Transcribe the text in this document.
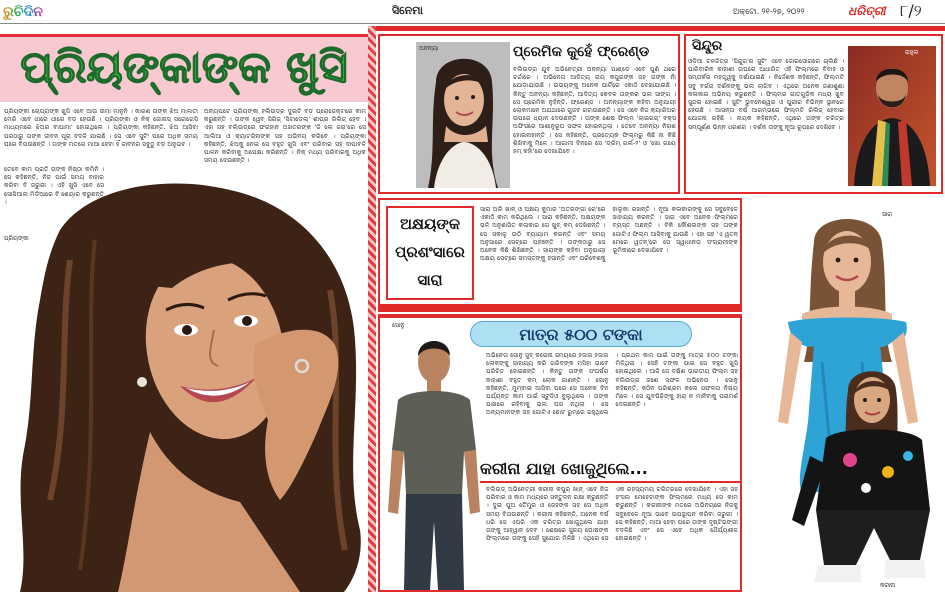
ରୁଚିଦିନ	ସିନେମା	ଅକ୍ଟୋ. ୨୧-୨୭, ୨୦୨୨	ଧରିତ୍ରୀ ୮/୨
ପ୍ରିୟଙ୍କାଙ୍କ ଖୁସି
ପ୍ରିୟଙ୍କା ଚୋପ୍ରାଙ୍କ ଖୁସି ଏବେ ଆଉ ସୀମା ମାନୁନି । କାରଣ ତାଙ୍କ ଝିଅ ମାଲତୀ ମେରି ଏବେ ଧୀରେ ଧୀରେ ବଡ଼ ହେଉଛି । ପ୍ରିୟଙ୍କା ଓ ନିକ୍ ଜୋନାସ୍ ସରୋଗେସି ମାଧ୍ୟମରେ ଝିଅର ବାପାମା' ହୋଇଥିଲେ । ପ୍ରିୟଙ୍କା କହିଛନ୍ତି, ଝିଅ ଆସିବା ପରଠାରୁ ତାଙ୍କ ଜୀବନ ପୂରା ବଦଳି ଯାଇଛି । ସେ ଏବେ ସୁଟିଂ ପରେ ଅଧିକ ସମୟ ଘରେ ବିତାଉଛନ୍ତି । ତାଙ୍କ ମତରେ ମାଆ ହେବା ହିଁ ଜୀବନର ସବୁଠୁ ବଡ଼ ଅନୁଭବ ।
ତେବେ କାମ ପ୍ରତି ତାଙ୍କ ନିଷ୍ଠା କମିନି । ସେ କହିଛନ୍ତି, ନିଜ ପାଇଁ ସମୟ ବାହାର କରିବା ବି ଜରୁରୀ । ଏହି ଖୁସି ଏବେ ସେ ସୋସିଆଲ ମିଡିଆରେ ବି ଶେୟାର କରୁଛନ୍ତି ।
ଅନ୍ୟପଟେ ପ୍ରିୟଙ୍କା ହଲିଉଡ୍‌ର ଦୁଇଟି ବଡ଼ ପ୍ରୋଜେକ୍ଟରେ କାମ କରୁଛନ୍ତି । ତାଙ୍କ ୱେବ୍ ସିରିଜ୍ 'ସିଟାଡେଲ୍' ଶୀଘ୍ର ରିଲିଜ୍ ହେବ । ଏହା ସହ ବଲିଉଡ୍‌ରେ ଫରହାନ ଅଖତରଙ୍କ 'ଜି ଲେ ଜରା'ରେ ସେ ଆଲିଆ ଓ କ୍ୟାଟରିନାଙ୍କ ସହ ଅଭିନୟ କରିବେ । ପ୍ରିୟଙ୍କା କହିଛନ୍ତି, ଝିଅକୁ ନେଇ ସେ ବହୁତ ଖୁସି ଏବଂ ପରିବାର ସହ ଦୀପାବଳି ପାଳନ କରିବାକୁ ଅପେକ୍ଷା କରିଛନ୍ତି । ନିକ୍ ମଧ୍ୟ ପରିବାରକୁ ଅଧିକ ସମୟ ଦେଉଛନ୍ତି ।
ପ୍ରିୟଙ୍କା
ଅନନ୍ୟା	ପ୍ରେମିକ କୁହେଁ ଫ୍ରେଣ୍ଡ
ବଲିଉଡ୍‌ର ଯୁବ ଅଭିନେତ୍ରୀ ଅନନ୍ୟା ପାଣ୍ଡେ ଏବେ ପୁଣି ଥରେ ଚର୍ଚ୍ଚାରେ । ଅଭିନେତା ଆଦିତ୍ୟ ରାୟ କପୁରଙ୍କ ସହ ତାଙ୍କ ନାଁ ଯୋଡ଼ାଯାଉଛି । ଉଭୟଙ୍କୁ ଅନେକ ପାର୍ଟିରେ ଏକାଠି ଦେଖାଯାଇଛି । କିନ୍ତୁ ଅନନ୍ୟା କହିଛନ୍ତି, ଆଦିତ୍ୟ କେବଳ ତାଙ୍କର ଭଲ ସାଙ୍ଗ । ସେ ପ୍ରେମିକ ନୁହଁନ୍ତି, ଫ୍ରେଣ୍ଡ । ଅନନ୍ୟାଙ୍କ କହିବା ଅନୁଯାୟୀ ଲୋକମାନେ ଅଯଥାରେ ଗୁଜବ ରଟାଉଛନ୍ତି । ସେ ଏବେ ନିଜ କ୍ୟାରିଅର ଉପରେ ଧ୍ୟାନ ଦେଉଛନ୍ତି । ତାଙ୍କ ଶେଷ ଫିଲ୍ମ 'ଲାଇଗର୍' ବକ୍ସ ଅଫିସରେ ଆଶାନୁରୂପ ସଫଳ ହୋଇନଥିଲା । ତେବେ ଅନନ୍ୟା ନିରାଶ ହୋଇନାହାନ୍ତି । ସେ କହିଛନ୍ତି, ପ୍ରତ୍ୟେକ ଫିଲ୍ମରୁ କିଛି ନା କିଛି ଶିଖିବାକୁ ମିଳେ । ଆଗାମୀ ଦିନରେ ସେ 'ଡ୍ରିମ୍ ଗର୍ଲ-୨' ଓ 'ଖୋ ଗୟେ ହମ୍ କହାଁ'ରେ ଦେଖାଯିବେ ।
ସିନ୍ଦୁର	ରାହୁଲ
ଓଡ଼ିଆ ଚଳଚ୍ଚିତ୍ର 'ସିନ୍ଦୁର'ର ସୁଟିଂ ଏବେ ଜୋରସୋରରେ ଚାଲିଛି । ପାରିବାରିକ କାହାଣୀ ଉପରେ ଆଧାରିତ ଏହି ଫିଲ୍ମରେ ବିବାହ ଓ ସମ୍ପର୍କର ମହତ୍ତ୍ୱକୁ ଦର୍ଶାଯାଇଛି । ନିର୍ଦ୍ଦେଶକ କହିଛନ୍ତି, ଫିଲ୍ମଟି ସବୁ ବର୍ଗର ଦର୍ଶକଙ୍କୁ ଭଲ ଲାଗିବ । ଏଥିରେ ଅନେକ ଜଣାଶୁଣା କଳାକାର ଅଭିନୟ କରୁଛନ୍ତି । ଫିଲ୍ମର ଗୀତଗୁଡ଼ିକ ମଧ୍ୟ ଖୁବ୍ ସୁନ୍ଦର ହୋଇଛି । ସୁଟିଂ ଭୁବନେଶ୍ୱର ଓ ପୁରୀର ବିଭିନ୍ନ ସ୍ଥାନରେ ହେଉଛି । ଆସନ୍ତା ବର୍ଷ ଆରମ୍ଭରେ ଫିଲ୍ମଟି ରିଲିଜ୍ ହେବାର ଯୋଜନା ରହିଛି । ନାୟକ କହିଛନ୍ତି, ଏଥିରେ ତାଙ୍କ ଚରିତ୍ର ସମ୍ପୂର୍ଣ୍ଣ ଭିନ୍ନ ଧରଣର । ଦର୍ଶକ ତାଙ୍କୁ ନୂଆ ରୂପରେ ଦେଖିବେ ।
ଅକ୍ଷୟଙ୍କ
ପ୍ରଶଂସାରେ
ସାରା
ସାରା ଅଲି ଖାନ୍ ଓ ଅକ୍ଷୟ କୁମାର 'ଅତରଙ୍ଗୀ ରେ'ରେ ଏକାଠି କାମ କରିଥିଲେ । ସାରା କହିଛନ୍ତି, ଅକ୍ଷୟଙ୍କ ଭଳି ଅନୁଶାସିତ କଳାକାର ସେ ଖୁବ୍ କମ୍ ଦେଖିଛନ୍ତି । ସେ ସକାଳୁ ଉଠି ବ୍ୟାୟାମ କରନ୍ତି ଏବଂ ସମୟ ଅନୁସାରେ ସେଟ୍‌ରେ ପହଞ୍ଚନ୍ତି । ତାଙ୍କଠାରୁ ସେ ଅନେକ କିଛି ଶିଖିଛନ୍ତି । ସାରାଙ୍କ କହିବା ଅନୁଯାୟୀ ଅକ୍ଷୟ ସେଟ୍‌ରେ ସମସ୍ତଙ୍କୁ ହସାନ୍ତି ଏବଂ ପରିବେଶକୁ ହାଲୁକା ରଖନ୍ତି । ନୂଆ କଳାକାରଙ୍କୁ ସେ ସବୁବେଳେ ସାହାଯ୍ୟ କରନ୍ତି । ସାରା ଏବେ ଅନେକ ଫିଲ୍ମରେ ବ୍ୟସ୍ତ ଅଛନ୍ତି । ବିକି କୌଶଲଙ୍କ ସହ ତାଙ୍କ ଗୋଟିଏ ଫିଲ୍ମ ଆସିବାକୁ ଯାଉଛି । ଏହା ସହ 'ଏ ୱତନ୍ ମେରେ ୱତନ୍'ରେ ସେ ସ୍ୱାଧୀନତା ସଂଗ୍ରାମୀଙ୍କ ଭୂମିକାରେ ଦେଖାଯିବେ ।
ସୋନୁ	ମାତ୍ର ୫୦୦ ଟଙ୍କା
ଅଭିନେତା ସୋନୁ ସୁଦ୍ କରୋନା ସମୟରେ ହଜାର ହଜାର ଲୋକଙ୍କୁ ସାହାଯ୍ୟ କରି ଗରିବଙ୍କ ମସିହା ଭାବେ ପରିଚିତ ହୋଇଛନ୍ତି । କିନ୍ତୁ ତାଙ୍କ ସଂଘର୍ଷର କାହାଣୀ ବହୁତ କମ୍ ଲୋକ ଜାଣନ୍ତି । ସୋନୁ କହିଛନ୍ତି, ମୁମ୍ବାଇ ଆସିବା ପରେ ସେ ଅନେକ ଦିନ ପର୍ଯ୍ୟନ୍ତ କାମ ପାଇଁ ସ୍ଟୁଡିଓ ବୁଲୁଥିଲେ । ତାଙ୍କ ପାଖରେ ରହିବାକୁ ଭଲ ଘର ନଥିଲା । ସେ ଅନ୍ୟମାନଙ୍କ ସହ ଗୋଟିଏ ଛୋଟ ରୁମ୍‌ରେ ରହୁଥିଲେ । ପ୍ରଥମ କାମ ପାଇଁ ତାଙ୍କୁ ମାତ୍ର ୫୦୦ ଟଙ୍କା ମିଳିଥିଲା । ସେହି ଟଙ୍କା ପାଇ ସେ ବହୁତ ଖୁସି ହୋଇଥିଲେ । ଆଜି ସେ ଦକ୍ଷିଣ ଭାରତୀୟ ଫିଲ୍ମ ସହ ବଲିଉଡ୍‌ର ଜଣେ ସଫଳ ଅଭିନେତା । ସୋନୁ କହିଛନ୍ତି, କଠିନ ପରିଶ୍ରମ କଲେ ସଫଳତା ନିଶ୍ଚୟ ମିଳେ । ସେ ଯୁବପିଢ଼ିଙ୍କୁ ହାର୍ ନ ମାନିବାକୁ ପରାମର୍ଶ ଦେଇଛନ୍ତି ।
କରୀନା ଯାହା ଖୋଜୁଥିଲେ...
ବଲିଉଡ୍ ଅଭିନେତ୍ରୀ କରୀନା କପୁର୍ ଖାନ୍ ଏବେ ନିଜ ପରିବାର ଓ କାମ ମଧ୍ୟରେ ସନ୍ତୁଳନ ରକ୍ଷା କରୁଛନ୍ତି । ଦୁଇ ପୁଅ ତୈମୁର ଓ ଜେହଙ୍କ ସହ ସେ ଅଧିକ ସମୟ ବିତାଉଛନ୍ତି । କରୀନା କହିଛନ୍ତି, ଅନେକ ବର୍ଷ ଧରି ସେ ଏପରି ଏକ ଚରିତ୍ର ଖୋଜୁଥିଲେ ଯାହା ତାଙ୍କୁ ଆହ୍ୱାନ ଦେବ । ଶେଷରେ ସୁଜୟ ଘୋଷଙ୍କ ଫିଲ୍ମରେ ତାଙ୍କୁ ସେହି ସୁଯୋଗ ମିଳିଛି । ଏଥିରେ ସେ ଏକ ରହସ୍ୟମୟ ଚରିତ୍ରରେ ଦେଖାଯିବେ । ଏହା ସହ ହଂସଲ ମେହେଟାଙ୍କ ଫିଲ୍ମରେ ମଧ୍ୟ ସେ କାମ କରୁଛନ୍ତି । କରୀନାଙ୍କ ମତରେ ଅଭିନୟରେ ନିଜକୁ ସବୁବେଳେ ନୂଆ ଭାବେ ଉପସ୍ଥାପନ କରିବା ଜରୁରୀ । ସେ କହିଛନ୍ତି, ମାଆ ହେବା ପରେ ତାଙ୍କ ଦୃଷ୍ଟିଭଙ୍ଗୀ ବଦଳିଛି ଏବଂ ସେ ଏବେ ଅଧିକ ଧୈର୍ଯ୍ୟଶୀଳ ହୋଇଛନ୍ତି ।
ସାରା
କରୀନା
